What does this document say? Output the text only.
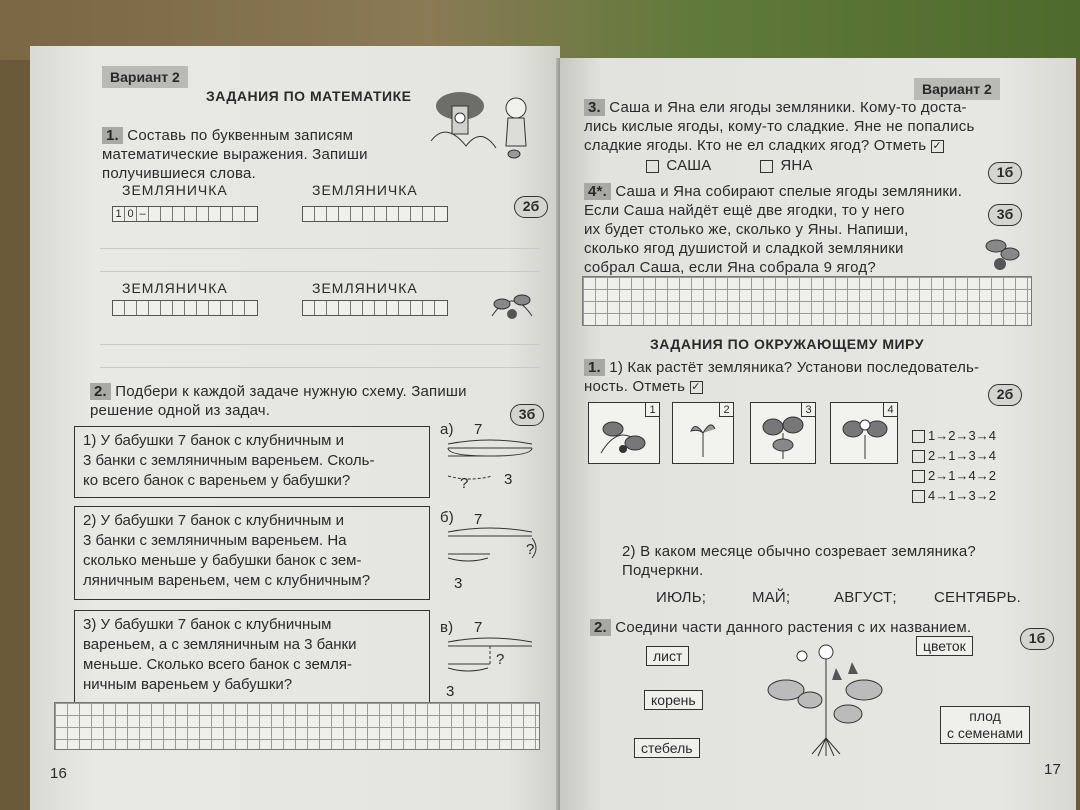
Вариант 2
ЗАДАНИЯ ПО МАТЕМАТИКЕ
1. Составь по буквенным записям
математические выражения. Запиши
получившиеся слова.
ЗЕМЛЯНИЧКА
1 0 –
ЗЕМЛЯНИЧКА
2б
ЗЕМЛЯНИЧКА	ЗЕМЛЯНИЧКА
2. Подбери к каждой задаче нужную схему. Запиши
решение одной из задач.	3б
1) У бабушки 7 банок с клубничным и
3 банки с земляничным вареньем. Сколь-
ко всего банок с вареньем у бабушки?
2) У бабушки 7 банок с клубничным и
3 банки с земляничным вареньем. На
сколько меньше у бабушки банок с зем-
ляничным вареньем, чем с клубничным?
3) У бабушки 7 банок с клубничным
вареньем, а с земляничным на 3 банки
меньше. Сколько всего банок с земля-
ничным вареньем у бабушки?
а) 7
? 3
б) 7
?
3
в) 7
?
3
16
Вариант 2
3. Саша и Яна ели ягоды земляники. Кому-то доста-
лись кислые ягоды, кому-то сладкие. Яне не попались
сладкие ягоды. Кто не ел сладких ягод? Отметь ✓
САША	ЯНА	1б
4*. Саша и Яна собирают спелые ягоды земляники.
Если Саша найдёт ещё две ягодки, то у него
их будет столько же, сколько у Яны. Напиши,
сколько ягод душистой и сладкой земляники
собрал Саша, если Яна собрала 9 ягод?
3б
ЗАДАНИЯ ПО ОКРУЖАЮЩЕМУ МИРУ
1. 1) Как растёт земляника? Установи последователь-
ность. Отметь ✓	2б
1	2	3	4
1→2→3→4
2→1→3→4
2→1→4→2
4→1→3→2
2) В каком месяце обычно созревает земляника?
Подчеркни.
ИЮЛЬ;	МАЙ;	АВГУСТ; СЕНТЯБРЬ.
2. Соедини части данного растения с их названием.
1б
лист
цветок
корень
плод
с семенами
стебель
17
